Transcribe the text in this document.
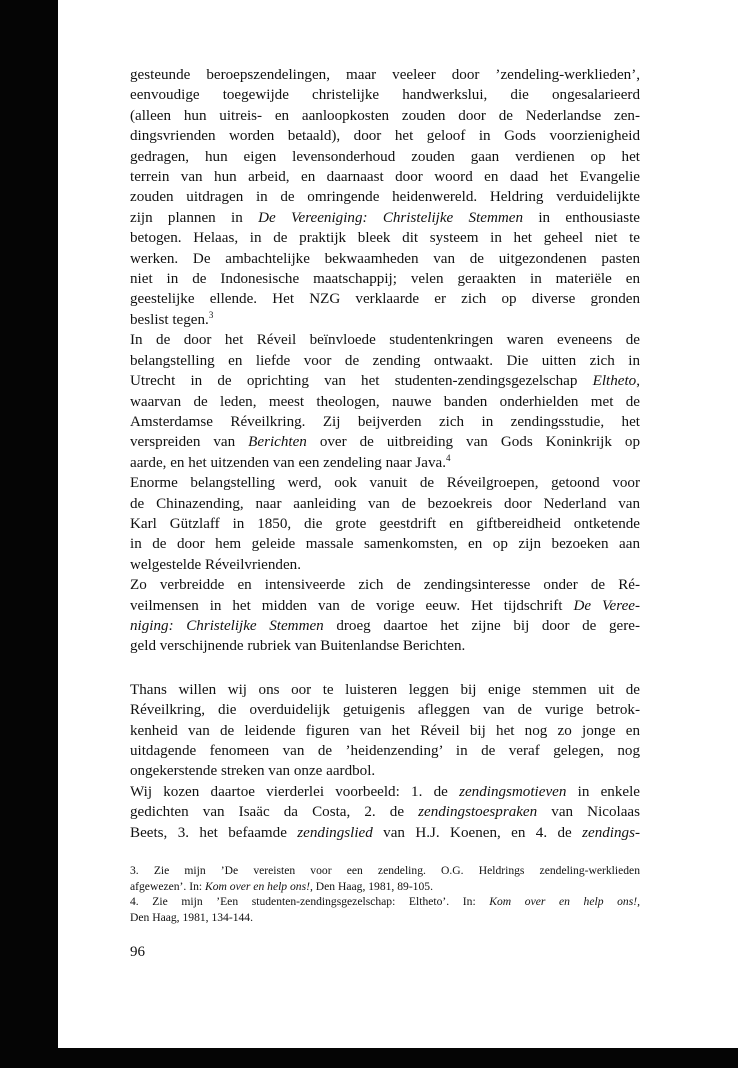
gesteunde beroepszendelingen, maar veeleer door ’zendeling-werklieden’,

eenvoudige toegewijde christelijke handwerkslui, die ongesalarieerd

(alleen hun uitreis- en aanloopkosten zouden door de Nederlandse zen-

dingsvrienden worden betaald), door het geloof in Gods voorzienigheid

gedragen, hun eigen levensonderhoud zouden gaan verdienen op het

terrein van hun arbeid, en daarnaast door woord en daad het Evangelie

zouden uitdragen in de omringende heidenwereld. Heldring verduidelijkte

zijn plannen in De Vereeniging: Christelijke Stemmen in enthousiaste

betogen. Helaas, in de praktijk bleek dit systeem in het geheel niet te

werken. De ambachtelijke bekwaamheden van de uitgezondenen pasten

niet in de Indonesische maatschappij; velen geraakten in materiële en

geestelijke ellende. Het NZG verklaarde er zich op diverse gronden

beslist tegen.$^3$

In de door het Réveil beïnvloede studentenkringen waren eveneens de

belangstelling en liefde voor de zending ontwaakt. Die uitten zich in

Utrecht in de oprichting van het studenten-zendingsgezelschap Eltheto,

waarvan de leden, meest theologen, nauwe banden onderhielden met de

Amsterdamse Réveilkring. Zij beijverden zich in zendingsstudie, het

verspreiden van Berichten over de uitbreiding van Gods Koninkrijk op

aarde, en het uitzenden van een zendeling naar Java.$^4$

Enorme belangstelling werd, ook vanuit de Réveilgroepen, getoond voor

de Chinazending, naar aanleiding van de bezoekreis door Nederland van

Karl Gützlaff in 1850, die grote geestdrift en giftbereidheid ontketende

in de door hem geleide massale samenkomsten, en op zijn bezoeken aan

welgestelde Réveilvrienden.

Zo verbreidde en intensiveerde zich de zendingsinteresse onder de Ré-

veilmensen in het midden van de vorige eeuw. Het tijdschrift De Veree-

niging: Christelijke Stemmen droeg daartoe het zijne bij door de gere-

geld verschijnende rubriek van Buitenlandse Berichten.

Thans willen wij ons oor te luisteren leggen bij enige stemmen uit de

Réveilkring, die overduidelijk getuigenis afleggen van de vurige betrok-

kenheid van de leidende figuren van het Réveil bij het nog zo jonge en

uitdagende fenomeen van de ’heidenzending’ in de veraf gelegen, nog

ongekerstende streken van onze aardbol.

Wij kozen daartoe vierderlei voorbeeld: 1. de zendingsmotieven in enkele

gedichten van Isaäc da Costa, 2. de zendingstoespraken van Nicolaas

Beets, 3. het befaamde zendingslied van H.J. Koenen, en 4. de zendings-

3. Zie mijn ’De vereisten voor een zendeling. O.G. Heldrings zendeling-werklieden

afgewezen’. In: Kom over en help ons!, Den Haag, 1981, 89-105.

4. Zie mijn ’Een studenten-zendingsgezelschap: Eltheto’. In: Kom over en help ons!,

Den Haag, 1981, 134-144.

96
